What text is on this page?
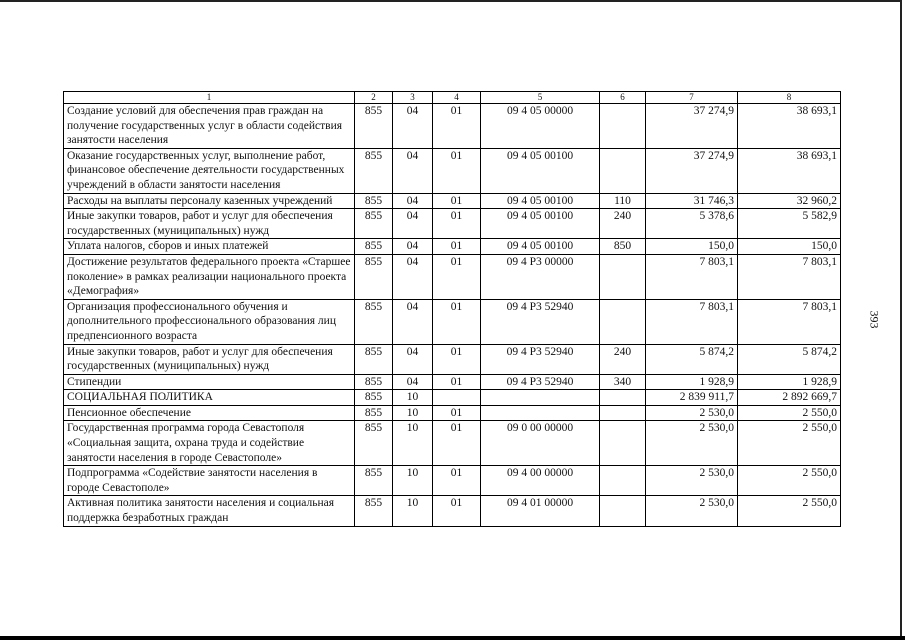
393
1	2	3	4	5	6	7	8
Создание условий для обеспечения прав граждан на получение государственных услуг в области содействия занятости населения	855	04	01	09 4 05 00000		37 274,9	38 693,1
Оказание государственных услуг, выполнение работ, финансовое обеспечение деятельности государственных учреждений в области занятости населения	855	04	01	09 4 05 00100		37 274,9	38 693,1
Расходы на выплаты персоналу казенных учреждений	855	04	01	09 4 05 00100	110	31 746,3	32 960,2
Иные закупки товаров, работ и услуг для обеспечения государственных (муниципальных) нужд	855	04	01	09 4 05 00100	240	5 378,6	5 582,9
Уплата налогов, сборов и иных платежей	855	04	01	09 4 05 00100	850	150,0	150,0
Достижение результатов федерального проекта «Старшее поколение» в рамках реализации национального проекта «Демография»	855	04	01	09 4 P3 00000		7 803,1	7 803,1
Организация профессионального обучения и дополнительного профессионального образования лиц предпенсионного возраста	855	04	01	09 4 P3 52940		7 803,1	7 803,1
Иные закупки товаров, работ и услуг для обеспечения государственных (муниципальных) нужд	855	04	01	09 4 P3 52940	240	5 874,2	5 874,2
Стипендии	855	04	01	09 4 P3 52940	340	1 928,9	1 928,9
СОЦИАЛЬНАЯ ПОЛИТИКА	855	10				2 839 911,7	2 892 669,7
Пенсионное обеспечение	855	10	01			2 530,0	2 550,0
Государственная программа города Севастополя «Социальная защита, охрана труда и содействие занятости населения в городе Севастополе»	855	10	01	09 0 00 00000		2 530,0	2 550,0
Подпрограмма «Содействие занятости населения в городе Севастополе»	855	10	01	09 4 00 00000		2 530,0	2 550,0
Активная политика занятости населения и социальная поддержка безработных граждан	855	10	01	09 4 01 00000		2 530,0	2 550,0
